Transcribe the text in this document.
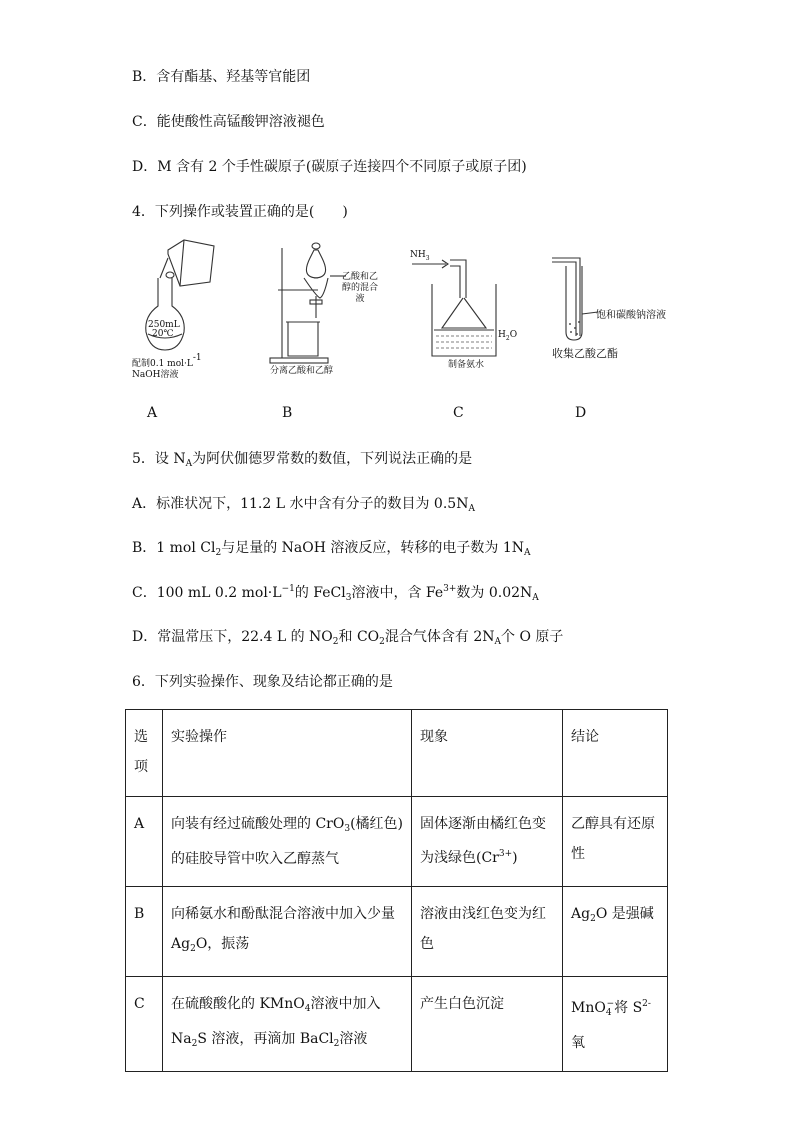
B．含有酯基、羟基等官能团
C．能使酸性高锰酸钾溶液褪色
D．M 含有 2 个手性碳原子(碳原子连接四个不同原子或原子团)
4．下列操作或装置正确的是(　　)
250mL
20℃
配制0.1 mol·L-1
NaOH溶液
乙酸和乙醇的混合液
分离乙酸和乙醇
$NH_3$
$H_2O$
制备氨水
饱和碳酸钠溶液
收集乙酸乙酯
A	B	C	D
5．设 $N_A$为阿伏伽德罗常数的数值，下列说法正确的是
A．标准状况下，11.2 L 水中含有分子的数目为 $0.5N_A$
B．1 mol $Cl_2$与足量的 NaOH 溶液反应，转移的电子数为 $1N_A$
C．100 mL 0.2 $mol\cdot L^{-1}$的 FeCl$_3$溶液中，含 $Fe^{3+}$数为 $0.02N_A$
D．常温常压下，22.4 L 的 $NO_2$和 $CO_2$混合气体含有 $2N_A$个 O 原子
6．下列实验操作、现象及结论都正确的是
选项	实验操作	现象	结论
A	向装有经过硫酸处理的 CrO$_3$(橘红色)的硅胶导管中吹入乙醇蒸气	固体逐渐由橘红色变为浅绿色$(Cr^{3+})$	乙醇具有还原性
B	向稀氨水和酚酞混合溶液中加入少量 $Ag_2O$，振荡	溶液由浅红色变为红色	$Ag_2O$ 是强碱
C	在硫酸酸化的 KMnO$_4$溶液中加入 $Na_2S$ 溶液，再滴加 BaCl$_2$溶液	产生白色沉淀	MnO$_4$−将 $S^{2-}$氧
